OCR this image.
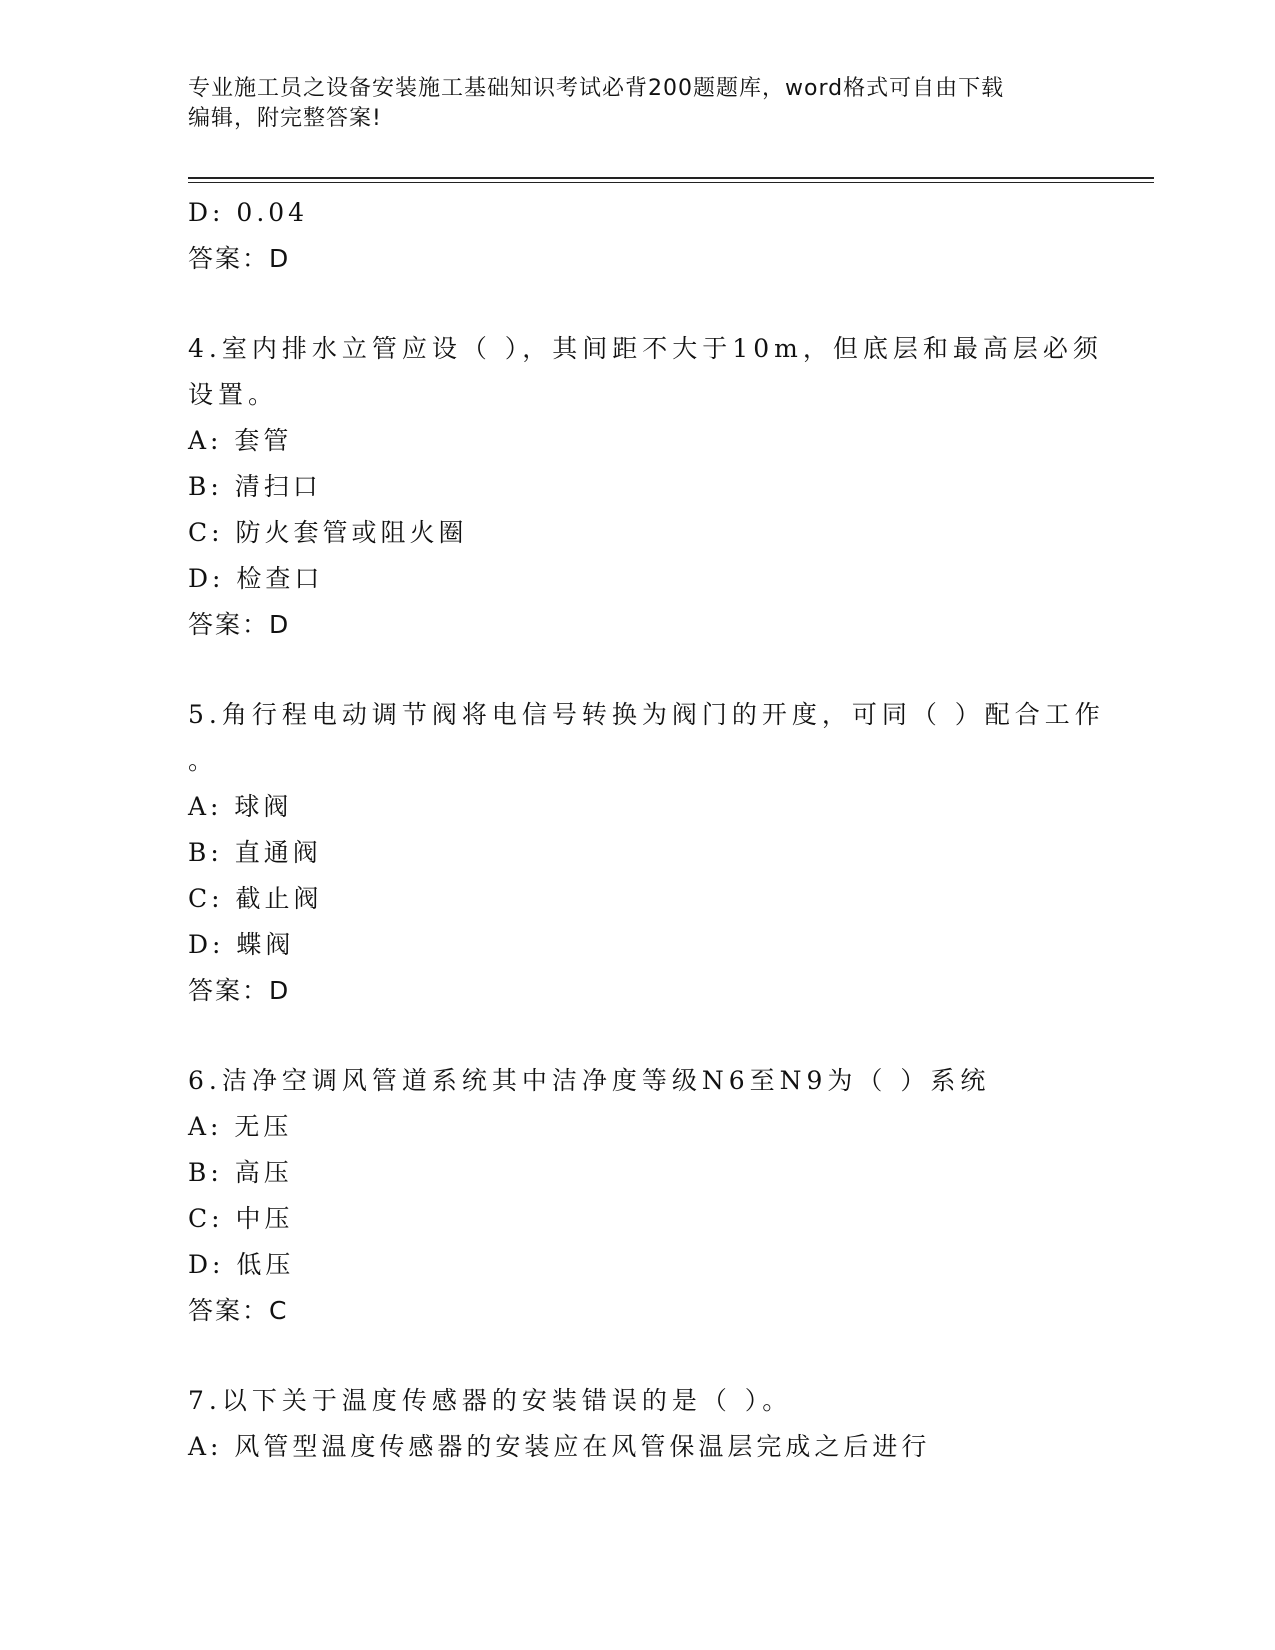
专业施工员之设备安装施工基础知识考试必背200题题库，word格式可自由下载
编辑，附完整答案!
D: 0.04
答案：D
4.室内排水立管应设（ ），其间距不大于10m，但底层和最高层必须
设置。
A: 套管
B: 清扫口
C: 防火套管或阻火圈
D: 检查口
答案：D
5.角行程电动调节阀将电信号转换为阀门的开度，可同（ ）配合工作
。
A: 球阀
B: 直通阀
C: 截止阀
D: 蝶阀
答案：D
6.洁净空调风管道系统其中洁净度等级N6至N9为（ ）系统
A: 无压
B: 高压
C: 中压
D: 低压
答案：C
7.以下关于温度传感器的安装错误的是（ ）。
A: 风管型温度传感器的安装应在风管保温层完成之后进行
